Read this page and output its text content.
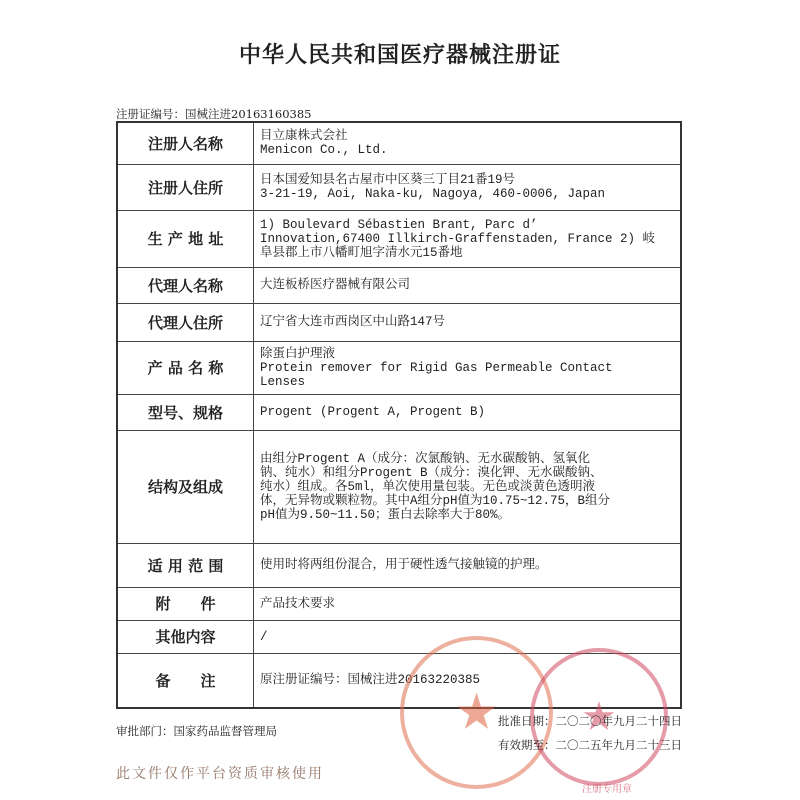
中华人民共和国医疗器械注册证
注册证编号：国械注进20163160385
注册人名称	目立康株式会社
Menicon Co., Ltd.

注册人住所	日本国爱知县名古屋市中区葵三丁目21番19号
3-21-19, Aoi, Naka-ku, Nagoya, 460-0006, Japan

生 产 地 址	1) Boulevard Sébastien Brant, Parc d’
Innovation,67400 Illkirch-Graffenstaden, France 2) 岐
阜县郡上市八幡町旭字清水元15番地

代理人名称	大连板桥医疗器械有限公司

代理人住所	辽宁省大连市西岗区中山路147号

产 品 名 称	除蛋白护理液
Protein remover for Rigid Gas Permeable Contact
Lenses

型号、规格	Progent (Progent A, Progent B)

结构及组成	由组分Progent A（成分：次氯酸钠、无水碳酸钠、氢氧化
钠、纯水）和组分Progent B（成分：溴化钾、无水碳酸钠、
纯水）组成。各5ml，单次使用量包装。无色或淡黄色透明液
体，无异物或颗粒物。其中A组分pH值为10.75~12.75，B组分
pH值为9.50~11.50；蛋白去除率大于80%。

适 用 范 围	使用时将两组份混合，用于硬性透气接触镜的护理。

附　　件	产品技术要求

其他内容	/

备　　注	原注册证编号：国械注进20163220385
审批部门：国家药品监督管理局
注册专用章
批准日期：二〇二〇年九月二十四日
有效期至：二〇二五年九月二十三日
此文件仅作平台资质审核使用
